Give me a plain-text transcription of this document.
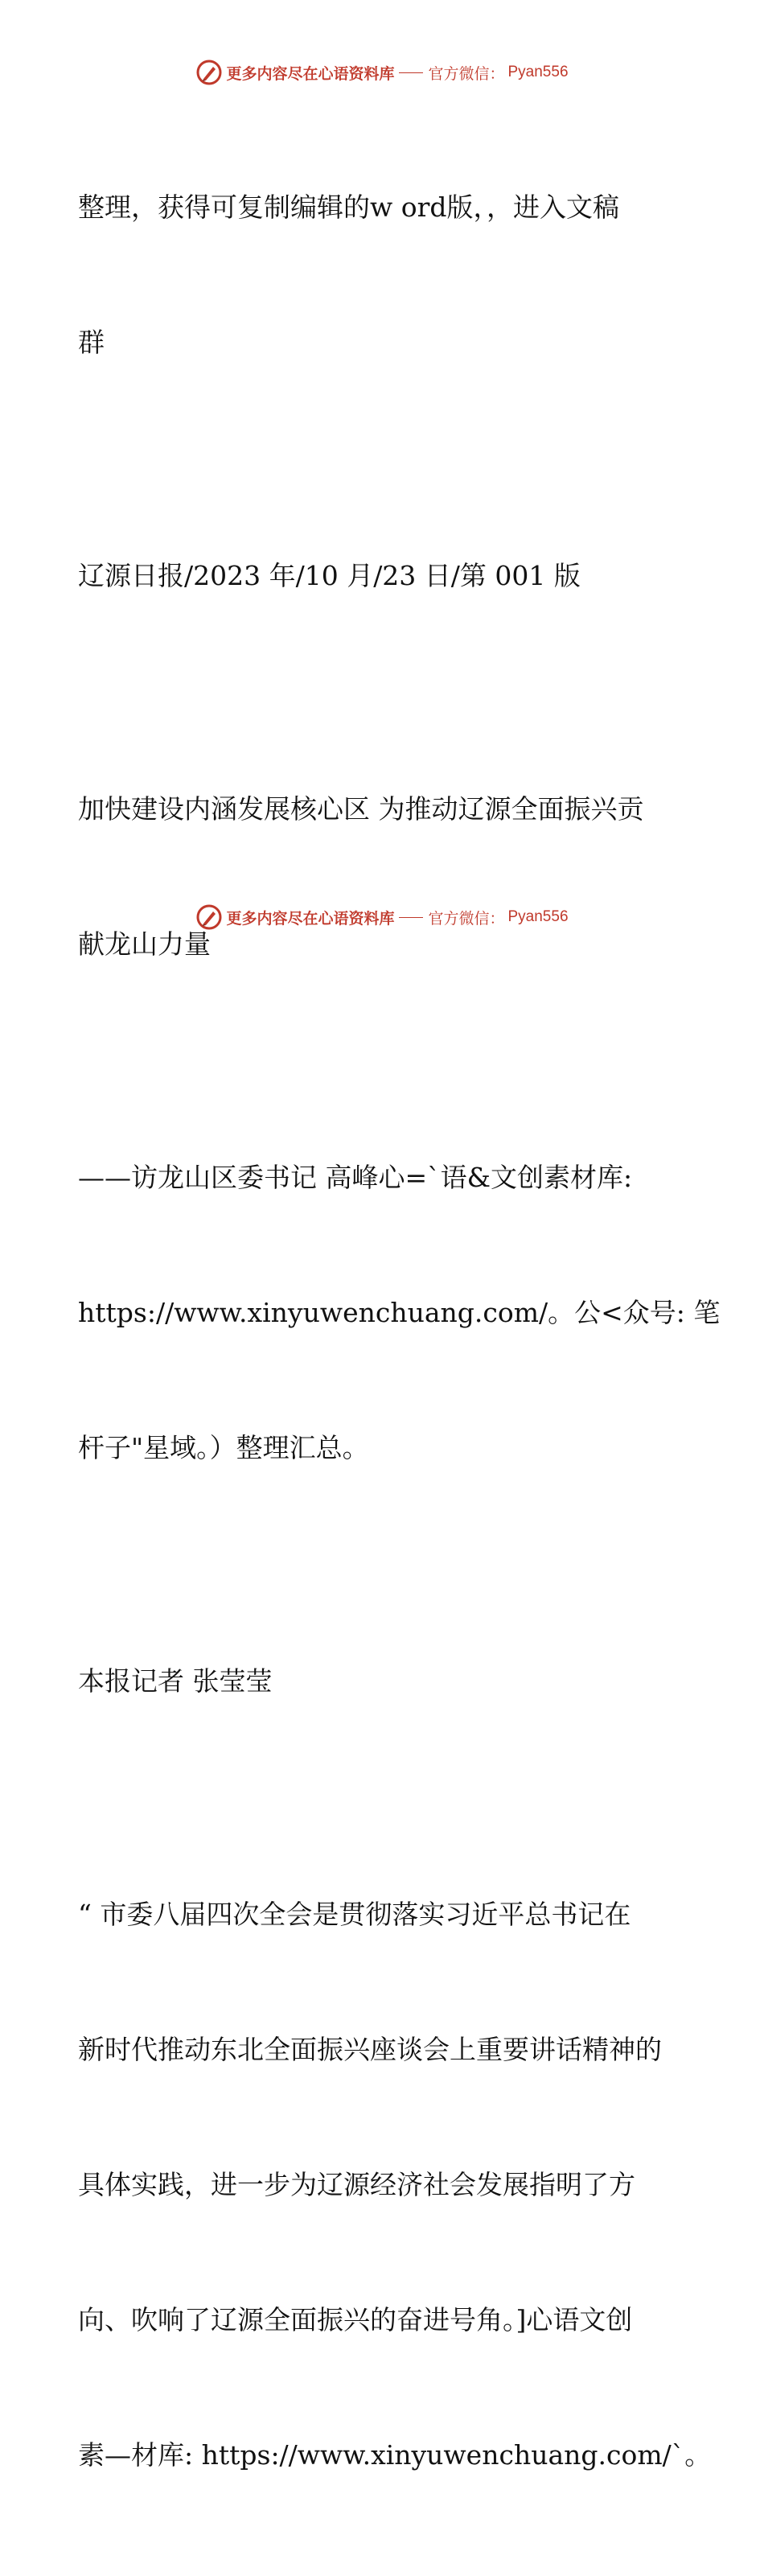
更多内容尽在心语资料库 官方微信： Pyan556

整理，获得可复制编辑的w ord版，，进入文稿

群

辽源日报/2023 年/10 月/23 日/第 001 版

加快建设内涵发展核心区 为推动辽源全面振兴贡

献龙山力量

——访龙山区委书记 高峰心=`语&文创素材库:

https://www.xinyuwenchuang.com/。公<众号: 笔

杆子"星域。）整理汇总。

本报记者 张莹莹

“ 市委八届四次全会是贯彻落实习近平总书记在

新时代推动东北全面振兴座谈会上重要讲话精神的

具体实践，进一步为辽源经济社会发展指明了方

向、吹响了辽源全面振兴的奋进号角。]心语文创

素—材库: https://www.xinyuwenchuang.com/`。

更多内容尽在心语资料库 官方微信： Pyan556
